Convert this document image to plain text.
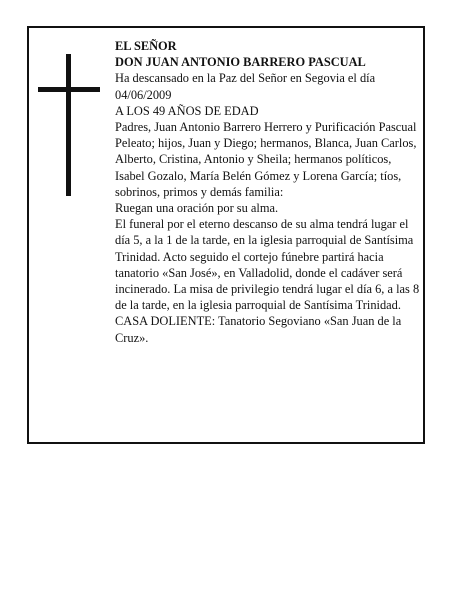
EL SEÑOR

DON JUAN ANTONIO BARRERO PASCUAL

Ha descansado en la Paz del Señor en Segovia el día 04/06/2009

A LOS 49 AÑOS DE EDAD

Padres, Juan Antonio Barrero Herrero y Purificación Pascual Peleato; hijos, Juan y Diego; hermanos, Blanca, Juan Carlos, Alberto, Cristina, Antonio y Sheila; hermanos políticos, Isabel Gozalo, María Belén Gómez y Lorena García; tíos, sobrinos, primos y demás familia:

Ruegan una oración por su alma.

El funeral por el eterno descanso de su alma tendrá lugar el día 5, a la 1 de la tarde, en la iglesia parroquial de Santísima Trinidad. Acto seguido el cortejo fúnebre partirá hacia tanatorio «San José», en Valladolid, donde el cadáver será incinerado. La misa de privilegio tendrá lugar el día 6, a las 8 de la tarde, en la iglesia parroquial de Santísima Trinidad.

CASA DOLIENTE: Tanatorio Segoviano «San Juan de la Cruz».
